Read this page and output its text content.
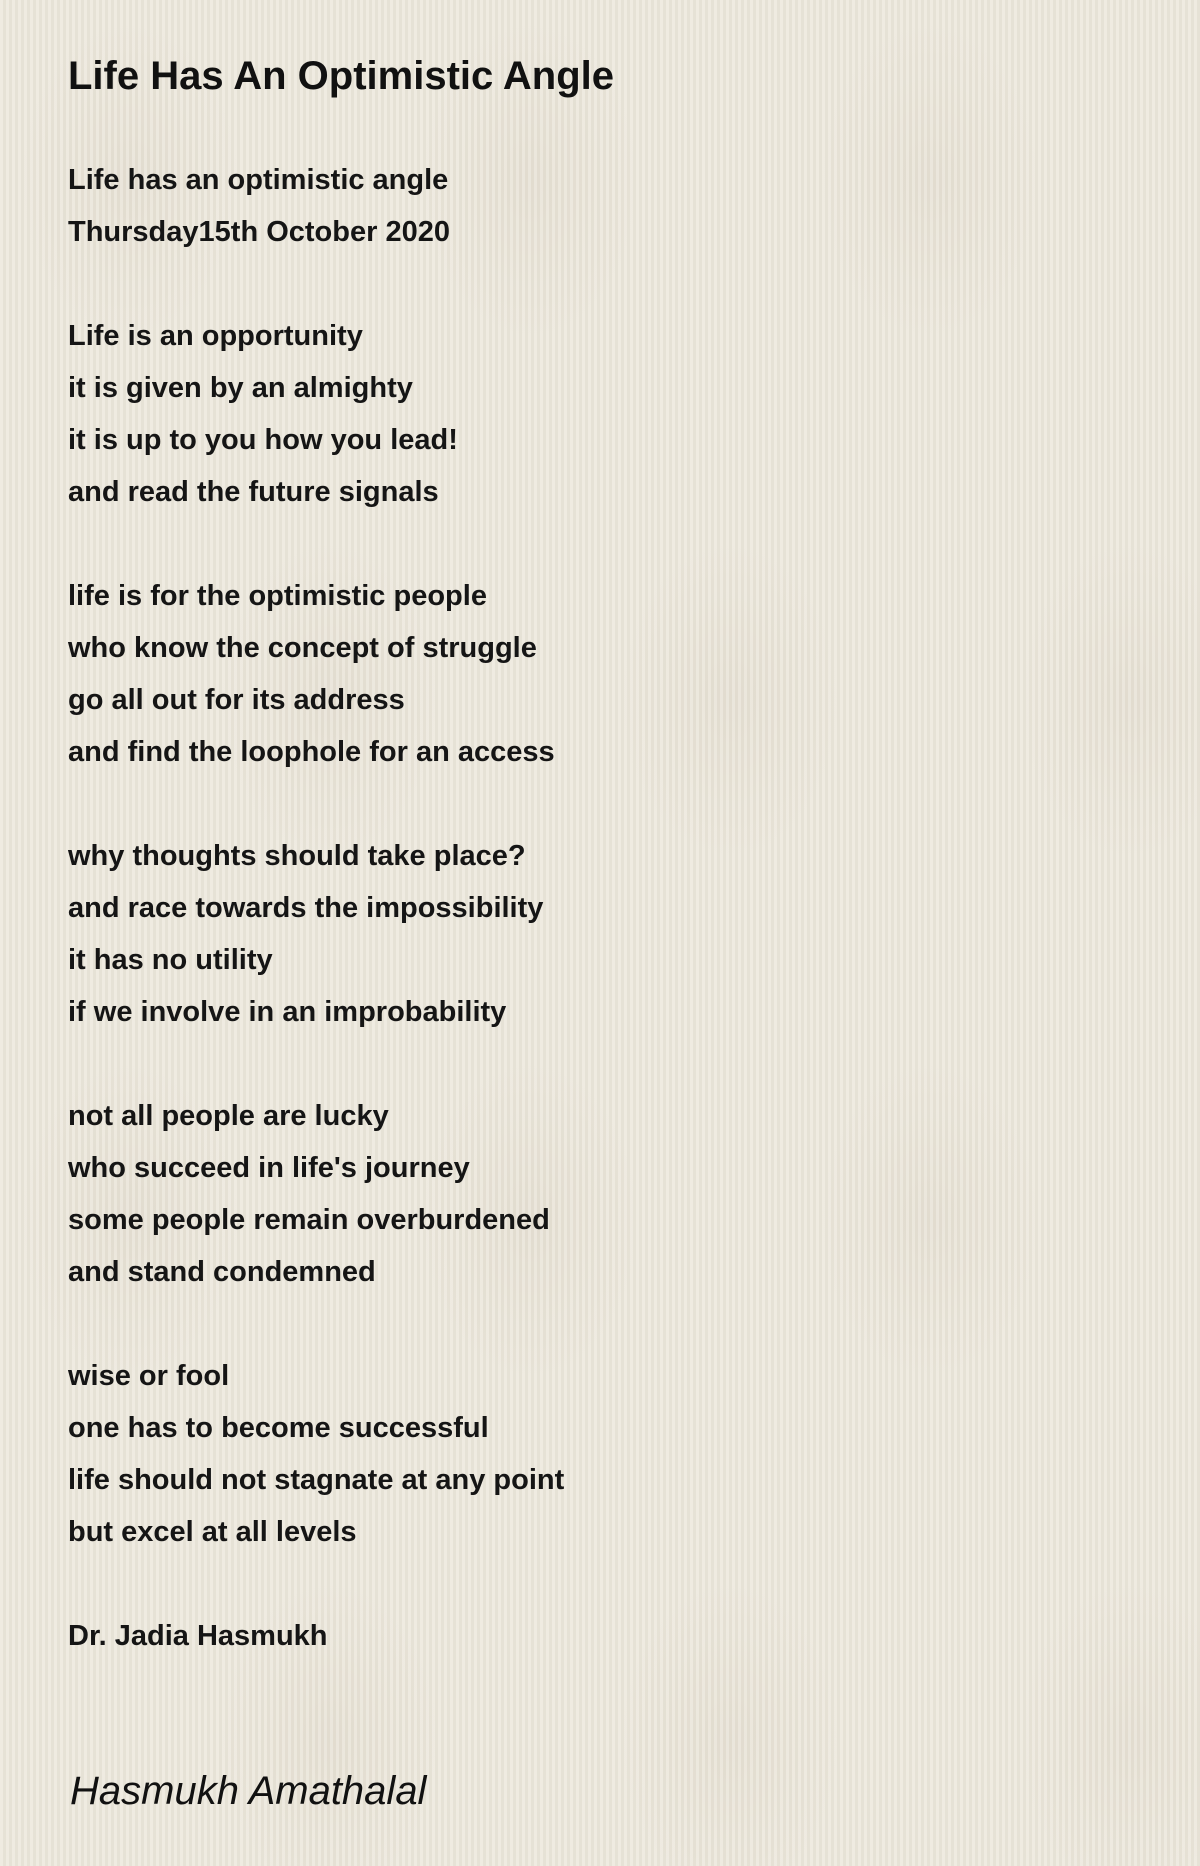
Life Has An Optimistic Angle
Life has an optimistic angle
Thursday15th October 2020

Life is an opportunity
it is given by an almighty
it is up to you how you lead!
and read the future signals

life is for the optimistic people
who know the concept of struggle
go all out for its address
and find the loophole for an access

why thoughts should take place?
and race towards the impossibility
it has no utility
if we involve in an improbability

not all people are lucky
who succeed in life's journey
some people remain overburdened
and stand condemned

wise or fool
one has to become successful
life should not stagnate at any point
but excel at all levels

Dr. Jadia Hasmukh
Hasmukh Amathalal
